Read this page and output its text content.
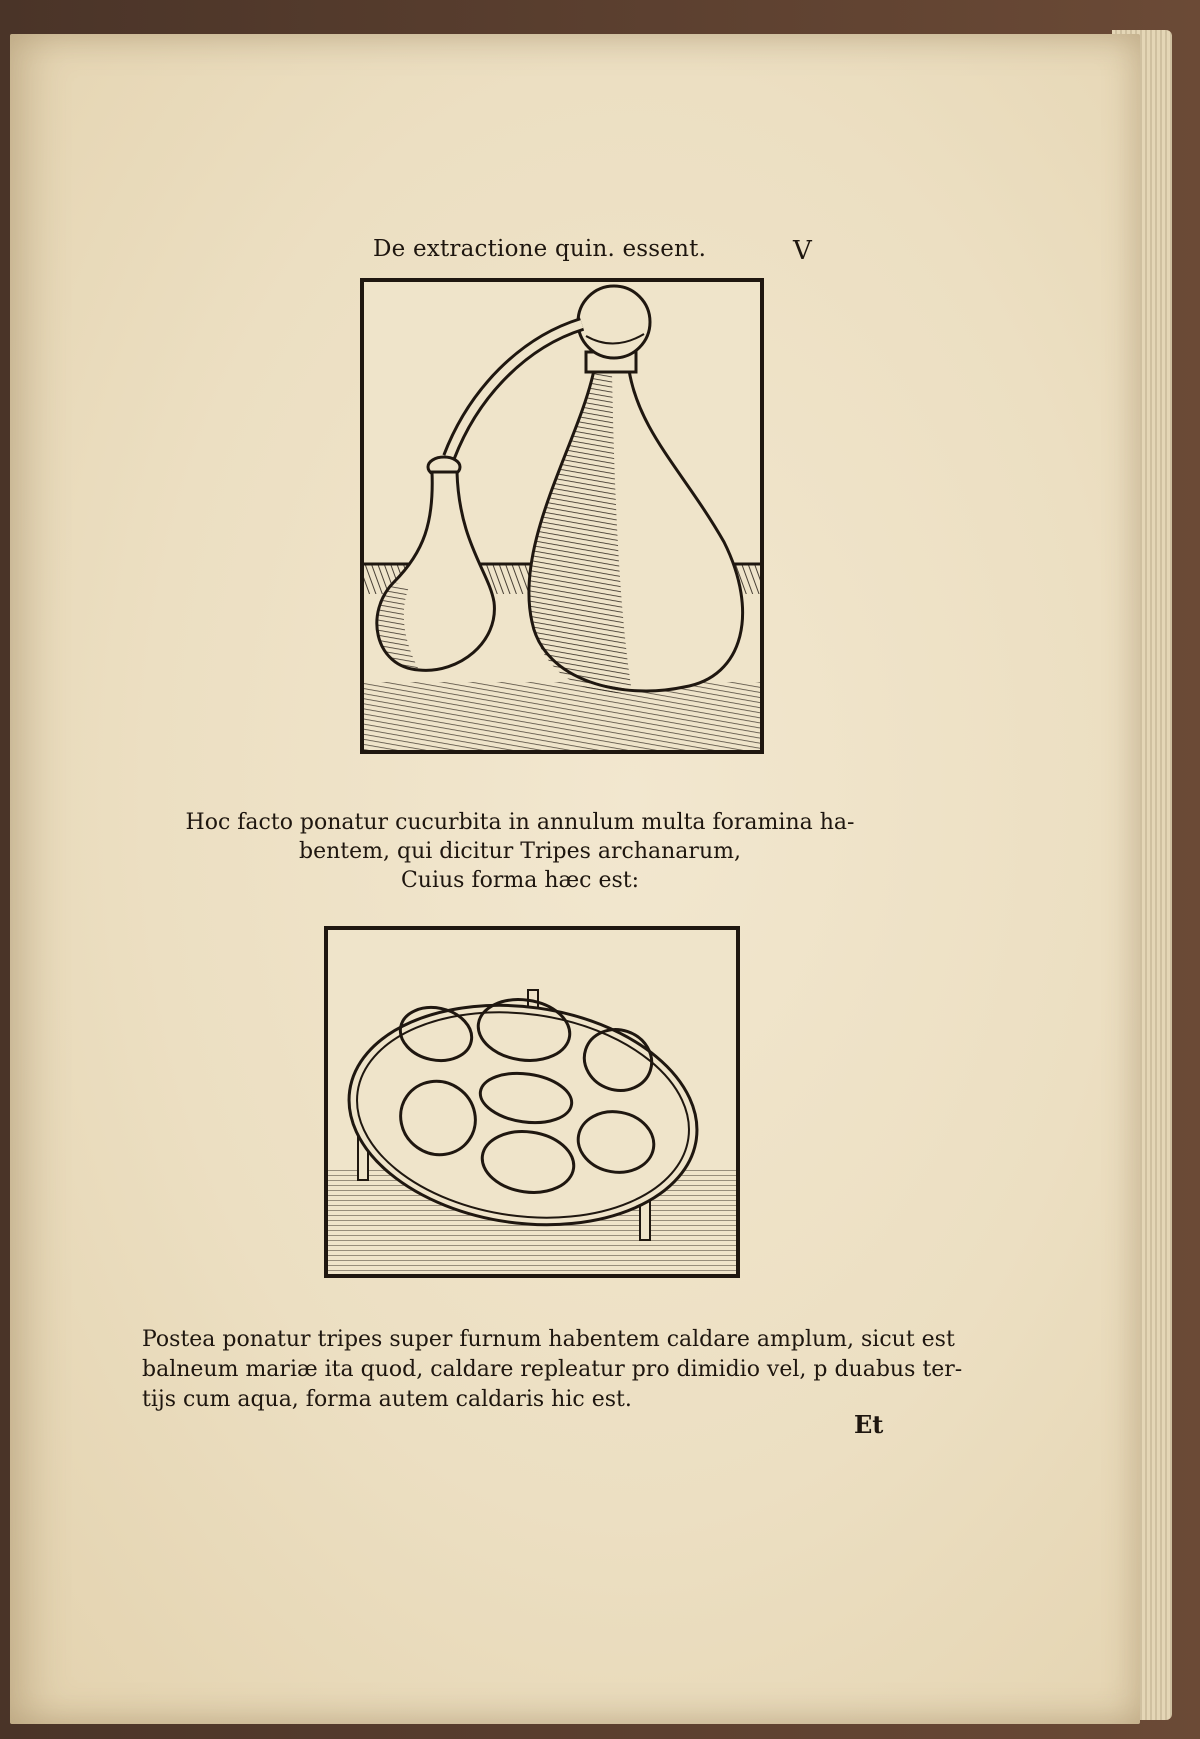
De extractione quin. essent.	V
Hoc facto ponatur cucurbita in annulum multa foramina ha-
bentem, qui dicitur Tripes archanarum,
Cuius forma hæc est:
Postea ponatur tripes super furnum habentem caldare amplum, sicut est
balneum mariæ ita quod, caldare repleatur pro dimidio vel, p duabus ter-
tijs cum aqua, forma autem caldaris hic est.
Et
